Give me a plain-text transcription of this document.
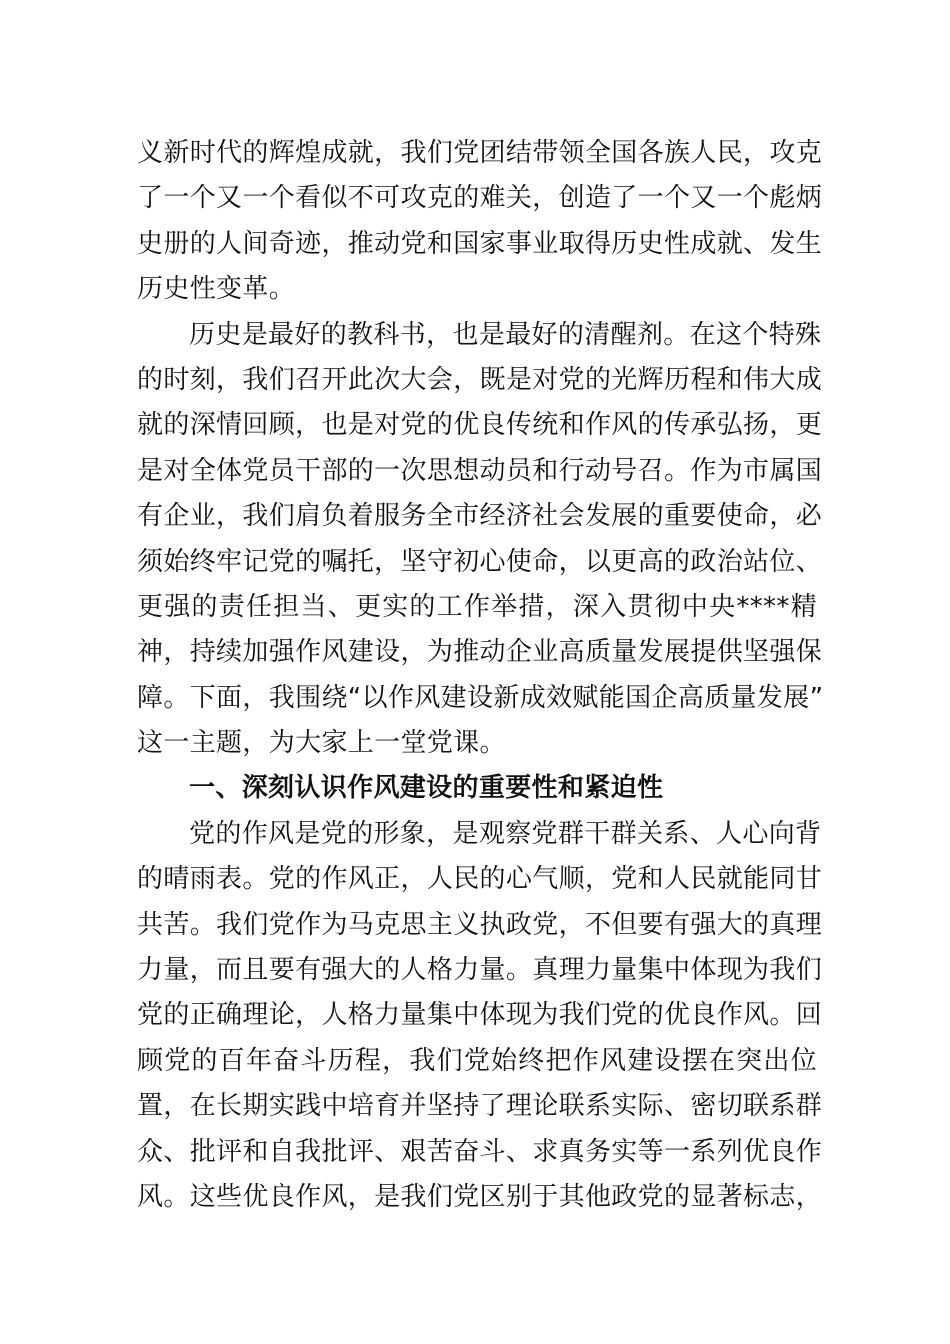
义新时代的辉煌成就，我们党团结带领全国各族人民，攻克
了一个又一个看似不可攻克的难关，创造了一个又一个彪炳
史册的人间奇迹，推动党和国家事业取得历史性成就、发生
历史性变革。
历史是最好的教科书，也是最好的清醒剂。在这个特殊
的时刻，我们召开此次大会，既是对党的光辉历程和伟大成
就的深情回顾，也是对党的优良传统和作风的传承弘扬，更
是对全体党员干部的一次思想动员和行动号召。作为市属国
有企业，我们肩负着服务全市经济社会发展的重要使命，必
须始终牢记党的嘱托，坚守初心使命，以更高的政治站位、
更强的责任担当、更实的工作举措，深入贯彻中央****精
神，持续加强作风建设，为推动企业高质量发展提供坚强保
障。下面，我围绕“以作风建设新成效赋能国企高质量发展”
这一主题，为大家上一堂党课。
一、深刻认识作风建设的重要性和紧迫性
党的作风是党的形象，是观察党群干群关系、人心向背
的晴雨表。党的作风正，人民的心气顺，党和人民就能同甘
共苦。我们党作为马克思主义执政党，不但要有强大的真理
力量，而且要有强大的人格力量。真理力量集中体现为我们
党的正确理论，人格力量集中体现为我们党的优良作风。回
顾党的百年奋斗历程，我们党始终把作风建设摆在突出位
置，在长期实践中培育并坚持了理论联系实际、密切联系群
众、批评和自我批评、艰苦奋斗、求真务实等一系列优良作
风。这些优良作风，是我们党区别于其他政党的显著标志，
